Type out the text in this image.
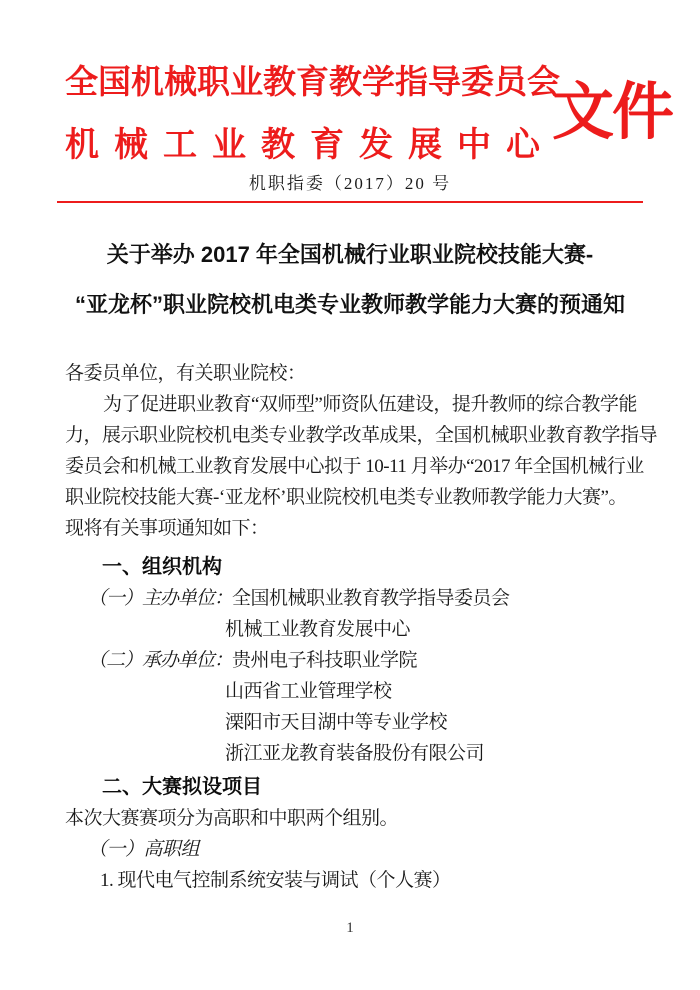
全国机械职业教育教学指导委员会
机械工业教育发展中心
文件
机职指委（2017）20 号
关于举办 2017 年全国机械行业职业院校技能大赛-
“亚龙杯”职业院校机电类专业教师教学能力大赛的预通知
各委员单位，有关职业院校：
为了促进职业教育“双师型”师资队伍建设，提升教师的综合教学能
力，展示职业院校机电类专业教学改革成果，全国机械职业教育教学指导
委员会和机械工业教育发展中心拟于 10-11 月举办“2017 年全国机械行业
职业院校技能大赛-‘亚龙杯’职业院校机电类专业教师教学能力大赛”。
现将有关事项通知如下：
一、组织机构
（一）主办单位： 全国机械职业教育教学指导委员会
机械工业教育发展中心
（二）承办单位： 贵州电子科技职业学院
山西省工业管理学校
溧阳市天目湖中等专业学校
浙江亚龙教育装备股份有限公司
二、大赛拟设项目
本次大赛赛项分为高职和中职两个组别。
（一）高职组
1. 现代电气控制系统安装与调试（个人赛）
1
